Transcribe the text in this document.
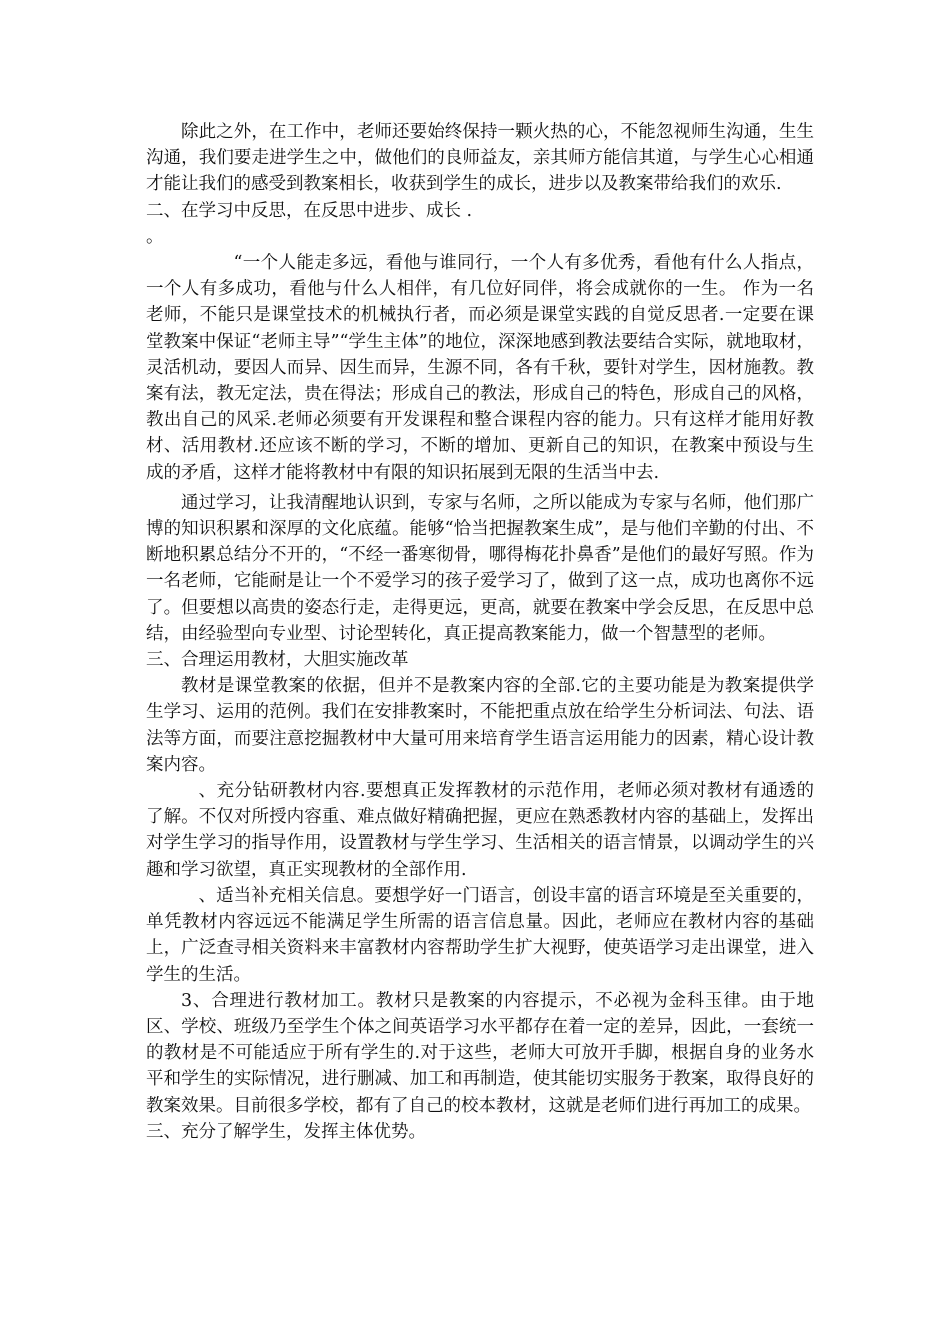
除此之外，在工作中，老师还要始终保持一颗火热的心，不能忽视师生沟通，生生沟通，我们要走进学生之中，做他们的良师益友，亲其师方能信其道，与学生心心相通才能让我们的感受到教案相长，收获到学生的成长，进步以及教案带给我们的欢乐.

二、在学习中反思，在反思中进步、成长 .

。

“一个人能走多远，看他与谁同行，一个人有多优秀，看他有什么人指点，一个人有多成功，看他与什么人相伴，有几位好同伴，将会成就你的一生。 作为一名老师，不能只是课堂技术的机械执行者，而必须是课堂实践的自觉反思者.一定要在课堂教案中保证“老师主导”“学生主体”的地位，深深地感到教法要结合实际，就地取材，灵活机动，要因人而异、因生而异，生源不同，各有千秋，要针对学生，因材施教。教案有法，教无定法，贵在得法；形成自己的教法，形成自己的特色，形成自己的风格，教出自己的风采.老师必须要有开发课程和整合课程内容的能力。只有这样才能用好教材、活用教材.还应该不断的学习，不断的增加、更新自己的知识，在教案中预设与生成的矛盾，这样才能将教材中有限的知识拓展到无限的生活当中去.

通过学习，让我清醒地认识到，专家与名师，之所以能成为专家与名师，他们那广博的知识积累和深厚的文化底蕴。能够“恰当把握教案生成”，是与他们辛勤的付出、不断地积累总结分不开的，“不经一番寒彻骨，哪得梅花扑鼻香”是他们的最好写照。作为一名老师，它能耐是让一个不爱学习的孩子爱学习了，做到了这一点，成功也离你不远了。但要想以高贵的姿态行走，走得更远，更高，就要在教案中学会反思，在反思中总结，由经验型向专业型、讨论型转化，真正提高教案能力，做一个智慧型的老师。

三、合理运用教材，大胆实施改革

教材是课堂教案的依据，但并不是教案内容的全部.它的主要功能是为教案提供学生学习、运用的范例。我们在安排教案时，不能把重点放在给学生分析词法、句法、语法等方面，而要注意挖掘教材中大量可用来培育学生语言运用能力的因素，精心设计教案内容。

、充分钻研教材内容.要想真正发挥教材的示范作用，老师必须对教材有通透的了解。不仅对所授内容重、难点做好精确把握，更应在熟悉教材内容的基础上，发挥出对学生学习的指导作用，设置教材与学生学习、生活相关的语言情景，以调动学生的兴趣和学习欲望，真正实现教材的全部作用.

、适当补充相关信息。要想学好一门语言，创设丰富的语言环境是至关重要的，单凭教材内容远远不能满足学生所需的语言信息量。因此，老师应在教材内容的基础上，广泛查寻相关资料来丰富教材内容帮助学生扩大视野，使英语学习走出课堂，进入学生的生活。

3、合理进行教材加工。教材只是教案的内容提示，不必视为金科玉律。由于地区、学校、班级乃至学生个体之间英语学习水平都存在着一定的差异，因此，一套统一的教材是不可能适应于所有学生的.对于这些，老师大可放开手脚，根据自身的业务水平和学生的实际情况，进行删减、加工和再制造，使其能切实服务于教案，取得良好的教案效果。目前很多学校，都有了自己的校本教材，这就是老师们进行再加工的成果。

三、充分了解学生，发挥主体优势。
